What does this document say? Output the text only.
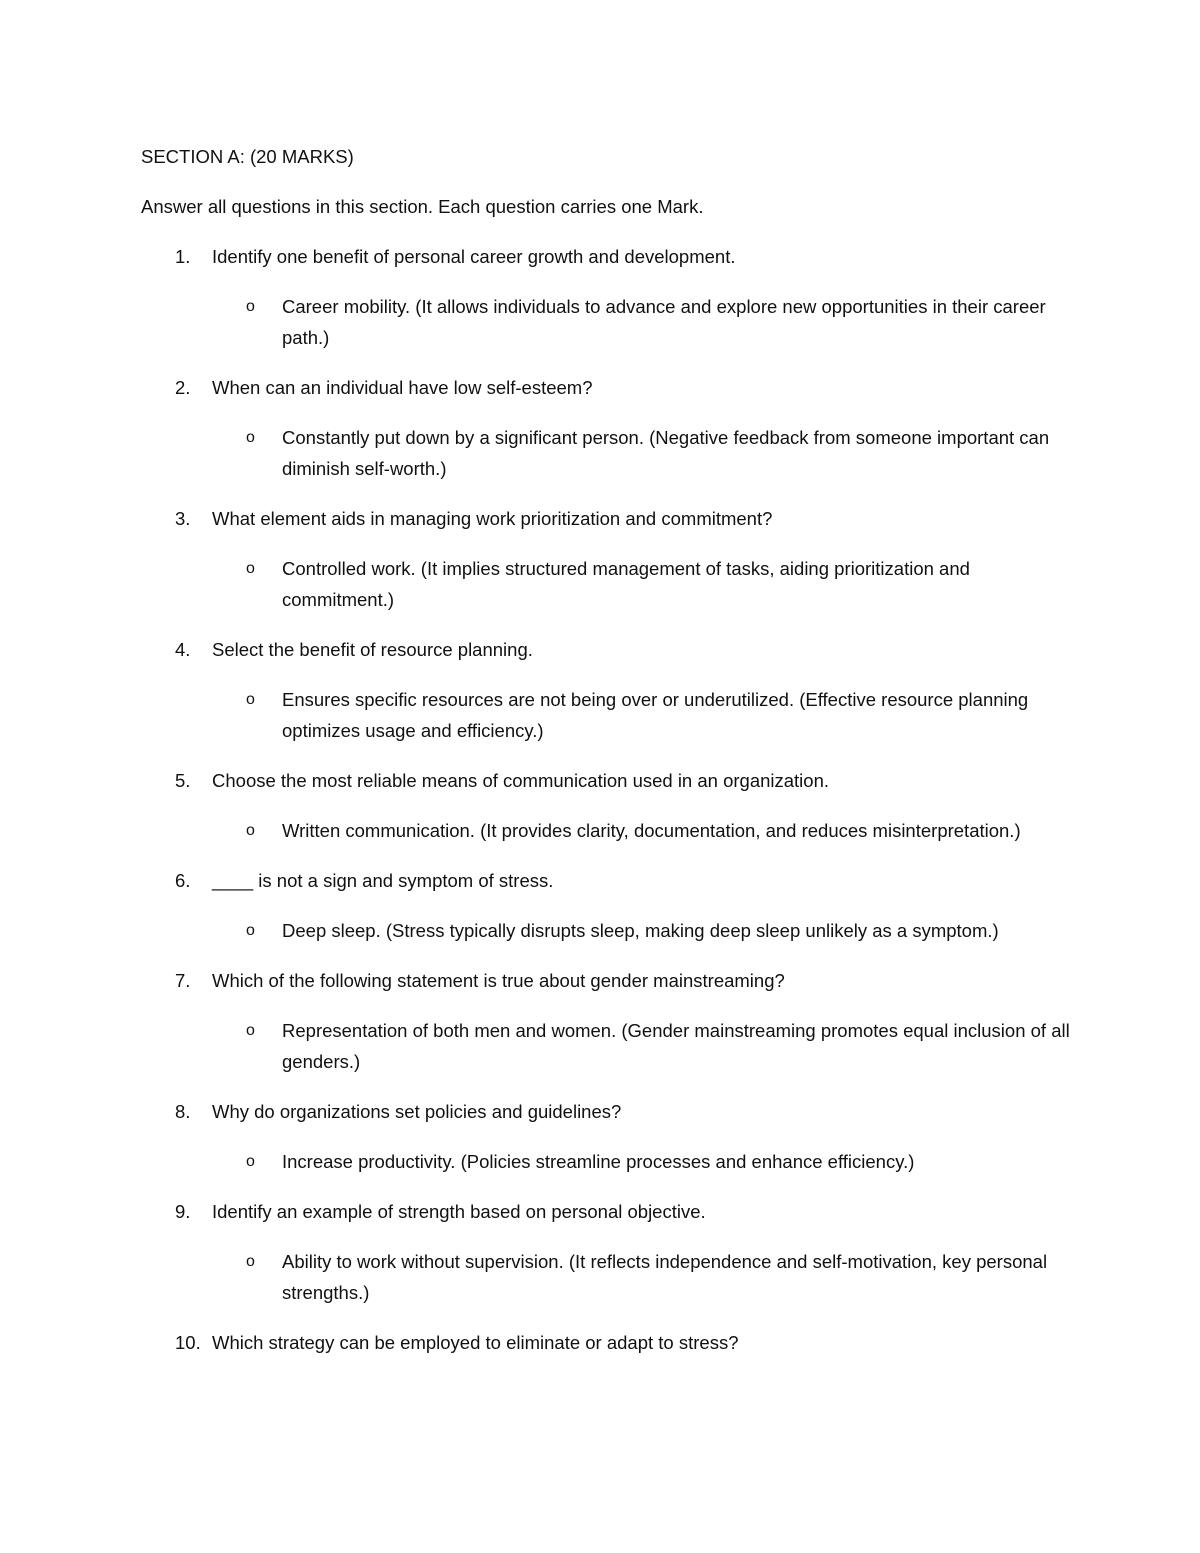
SECTION A: (20 MARKS)

Answer all questions in this section. Each question carries one Mark.

1. Identify one benefit of personal career growth and development.
o Career mobility. (It allows individuals to advance and explore new opportunities in their career path.)
2. When can an individual have low self-esteem?
o Constantly put down by a significant person. (Negative feedback from someone important can diminish self-worth.)
3. What element aids in managing work prioritization and commitment?
o Controlled work. (It implies structured management of tasks, aiding prioritization and commitment.)
4. Select the benefit of resource planning.
o Ensures specific resources are not being over or underutilized. (Effective resource planning optimizes usage and efficiency.)
5. Choose the most reliable means of communication used in an organization.
o Written communication. (It provides clarity, documentation, and reduces misinterpretation.)
6. ____ is not a sign and symptom of stress.
o Deep sleep. (Stress typically disrupts sleep, making deep sleep unlikely as a symptom.)
7. Which of the following statement is true about gender mainstreaming?
o Representation of both men and women. (Gender mainstreaming promotes equal inclusion of all genders.)
8. Why do organizations set policies and guidelines?
o Increase productivity. (Policies streamline processes and enhance efficiency.)
9. Identify an example of strength based on personal objective.
o Ability to work without supervision. (It reflects independence and self-motivation, key personal strengths.)
10. Which strategy can be employed to eliminate or adapt to stress?
